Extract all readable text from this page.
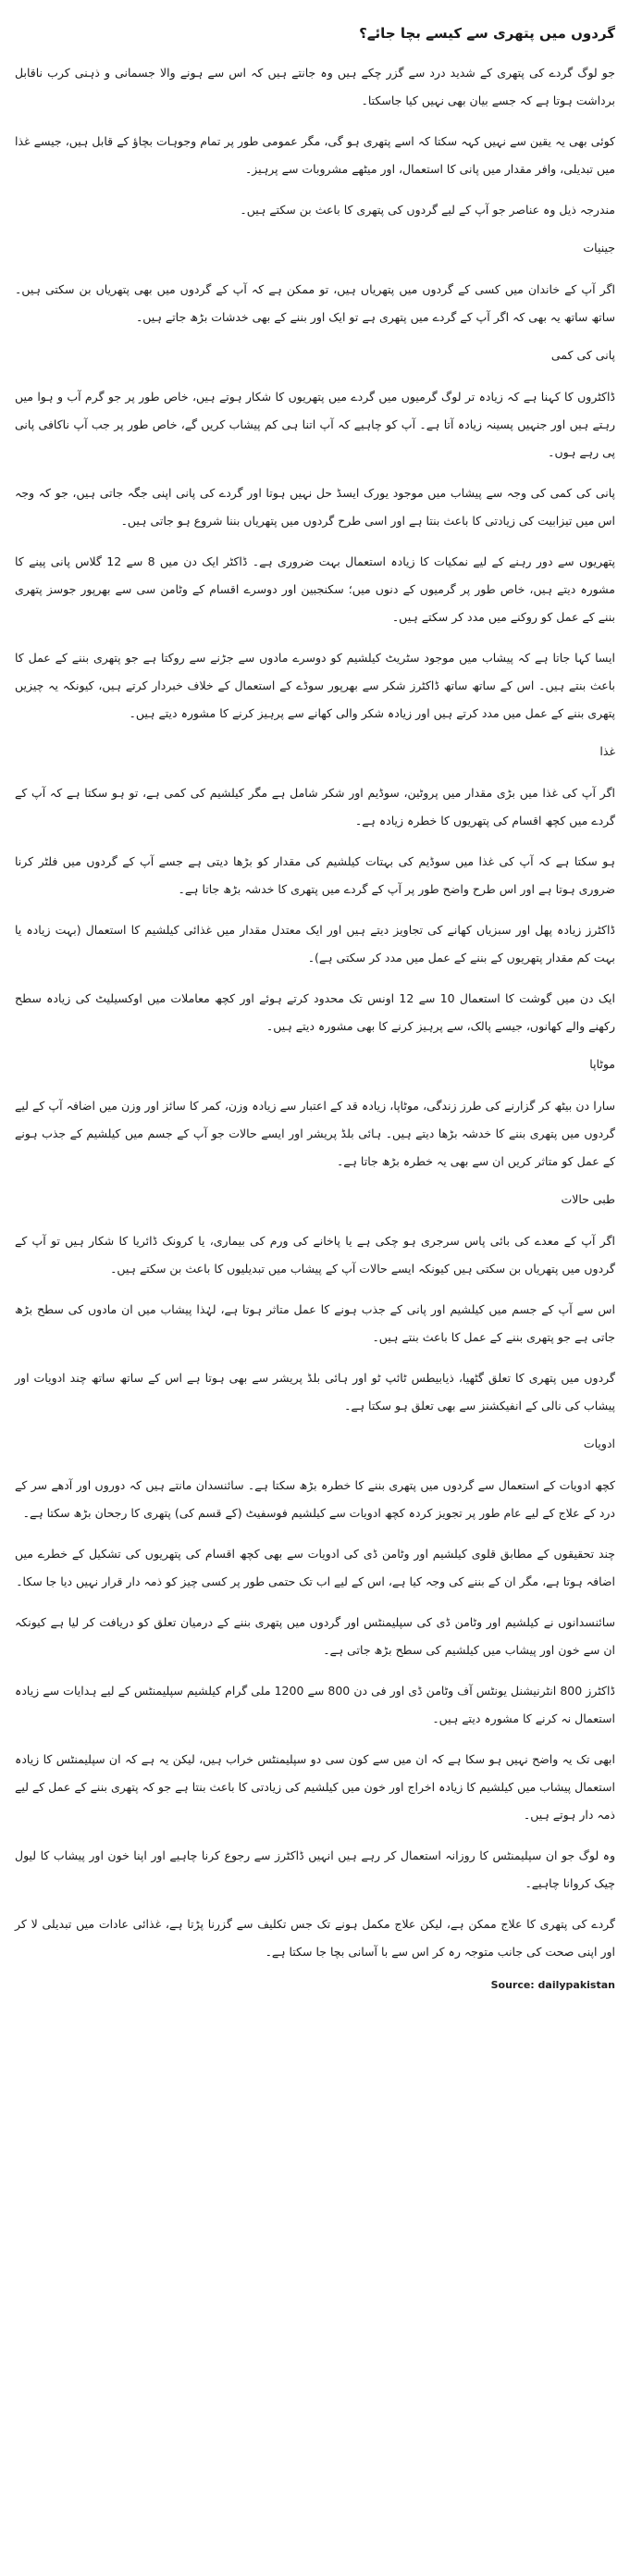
گردوں میں پتھری سے کیسے بچا جائے؟
جو لوگ گردے کی پتھری کے شدید درد سے گزر چکے ہیں وہ جانتے ہیں کہ اس سے ہونے والا جسمانی و ذہنی کرب ناقابل برداشت ہوتا ہے کہ جسے بیان بھی نہیں کیا جاسکتا۔
کوئی بھی یہ یقین سے نہیں کہہ سکتا کہ اسے پتھری ہو گی، مگر عمومی طور پر تمام وجوہات بچاؤ کے قابل ہیں، جیسے غذا میں تبدیلی، وافر مقدار میں پانی کا استعمال، اور میٹھے مشروبات سے پرہیز۔
مندرجہ ذیل وہ عناصر جو آپ کے لیے گردوں کی پتھری کا باعث بن سکتے ہیں۔
جینیات
اگر آپ کے خاندان میں کسی کے گردوں میں پتھریاں ہیں، تو ممکن ہے کہ آپ کے گردوں میں بھی پتھریاں بن سکتی ہیں۔ ساتھ ساتھ یہ بھی کہ اگر آپ کے گردے میں پتھری ہے تو ایک اور بننے کے بھی خدشات بڑھ جاتے ہیں۔
پانی کی کمی
ڈاکٹروں کا کہنا ہے کہ زیادہ تر لوگ گرمیوں میں گردے میں پتھریوں کا شکار ہوتے ہیں، خاص طور پر جو گرم آب و ہوا میں رہتے ہیں اور جنہیں پسینہ زیادہ آتا ہے۔ آپ کو چاہیے کہ آپ اتنا ہی کم پیشاب کریں گے، خاص طور پر جب آپ ناکافی پانی پی رہے ہوں۔
پانی کی کمی کی وجہ سے پیشاب میں موجود یورک ایسڈ حل نہیں ہوتا اور گردے کی پانی اپنی جگہ جاتی ہیں، جو کہ وجہ اس میں تیزابیت کی زیادتی کا باعث بنتا ہے اور اسی طرح گردوں میں پتھریاں بننا شروع ہو جاتی ہیں۔
پتھریوں سے دور رہنے کے لیے نمکیات کا زیادہ استعمال بہت ضروری ہے۔ ڈاکٹر ایک دن میں 8 سے 12 گلاس پانی پینے کا مشورہ دیتے ہیں، خاص طور پر گرمیوں کے دنوں میں؛ سکنجبین اور دوسرے اقسام کے وٹامن سی سے بھرپور جوسز پتھری بننے کے عمل کو روکنے میں مدد کر سکتے ہیں۔
ایسا کہا جاتا ہے کہ پیشاب میں موجود سٹریٹ کیلشیم کو دوسرے مادوں سے جڑنے سے روکتا ہے جو پتھری بننے کے عمل کا باعث بنتے ہیں۔ اس کے ساتھ ساتھ ڈاکٹرز شکر سے بھرپور سوڈے کے استعمال کے خلاف خبردار کرتے ہیں، کیونکہ یہ چیزیں پتھری بننے کے عمل میں مدد کرتے ہیں اور زیادہ شکر والی کھانے سے پرہیز کرنے کا مشورہ دیتے ہیں۔
غذا
اگر آپ کی غذا میں بڑی مقدار میں پروٹین، سوڈیم اور شکر شامل ہے مگر کیلشیم کی کمی ہے، تو ہو سکتا ہے کہ آپ کے گردے میں کچھ اقسام کی پتھریوں کا خطرہ زیادہ ہے۔
ہو سکتا ہے کہ آپ کی غذا میں سوڈیم کی بہتات کیلشیم کی مقدار کو بڑھا دیتی ہے جسے آپ کے گردوں میں فلٹر کرنا ضروری ہوتا ہے اور اس طرح واضح طور پر آپ کے گردے میں پتھری کا خدشہ بڑھ جاتا ہے۔
ڈاکٹرز زیادہ پھل اور سبزیاں کھانے کی تجاویز دیتے ہیں اور ایک معتدل مقدار میں غذائی کیلشیم کا استعمال (بہت زیادہ یا بہت کم مقدار پتھریوں کے بننے کے عمل میں مدد کر سکتی ہے)۔
ایک دن میں گوشت کا استعمال 10 سے 12 اونس تک محدود کرتے ہوئے اور کچھ معاملات میں اوکسیلیٹ کی زیادہ سطح رکھنے والے کھانوں، جیسے پالک، سے پرہیز کرنے کا بھی مشورہ دیتے ہیں۔
موٹاپا
سارا دن بیٹھ کر گزارنے کی طرز زندگی، موٹاپا، زیادہ قد کے اعتبار سے زیادہ وزن، کمر کا سائز اور وزن میں اضافہ آپ کے لیے گردوں میں پتھری بننے کا خدشہ بڑھا دیتے ہیں۔ ہائی بلڈ پریشر اور ایسے حالات جو آپ کے جسم میں کیلشیم کے جذب ہونے کے عمل کو متاثر کریں ان سے بھی یہ خطرہ بڑھ جاتا ہے۔
طبی حالات
اگر آپ کے معدے کی بائی پاس سرجری ہو چکی ہے یا پاخانے کی ورم کی بیماری، یا کرونک ڈائریا کا شکار ہیں تو آپ کے گردوں میں پتھریاں بن سکتی ہیں کیونکہ ایسے حالات آپ کے پیشاب میں تبدیلیوں کا باعث بن سکتے ہیں۔
اس سے آپ کے جسم میں کیلشیم اور پانی کے جذب ہونے کا عمل متاثر ہوتا ہے، لہٰذا پیشاب میں ان مادوں کی سطح بڑھ جاتی ہے جو پتھری بننے کے عمل کا باعث بنتے ہیں۔
گردوں میں پتھری کا تعلق گٹھیا، ذیابیطس ٹائپ ٹو اور ہائی بلڈ پریشر سے بھی ہوتا ہے اس کے ساتھ ساتھ چند ادویات اور پیشاب کی نالی کے انفیکشنز سے بھی تعلق ہو سکتا ہے۔
ادویات
کچھ ادویات کے استعمال سے گردوں میں پتھری بننے کا خطرہ بڑھ سکتا ہے۔ سائنسدان مانتے ہیں کہ دوروں اور آدھے سر کے درد کے علاج کے لیے عام طور پر تجویز کردہ کچھ ادویات سے کیلشیم فوسفیٹ (کے قسم کی) پتھری کا رجحان بڑھ سکتا ہے۔
چند تحقیقوں کے مطابق قلوی کیلشیم اور وٹامن ڈی کی ادویات سے بھی کچھ اقسام کی پتھریوں کی تشکیل کے خطرے میں اضافہ ہوتا ہے، مگر ان کے بننے کی وجہ کیا ہے، اس کے لیے اب تک حتمی طور پر کسی چیز کو ذمہ دار قرار نہیں دیا جا سکا۔
سائنسدانوں نے کیلشیم اور وٹامن ڈی کی سپلیمنٹس اور گردوں میں پتھری بننے کے درمیان تعلق کو دریافت کر لیا ہے کیونکہ ان سے خون اور پیشاب میں کیلشیم کی سطح بڑھ جاتی ہے۔
ڈاکٹرز 800 انٹرنیشنل یونٹس آف وٹامن ڈی اور فی دن 800 سے 1200 ملی گرام کیلشیم سپلیمنٹس کے لیے ہدایات سے زیادہ استعمال نہ کرنے کا مشورہ دیتے ہیں۔
ابھی تک یہ واضح نہیں ہو سکا ہے کہ ان میں سے کون سی دو سپلیمنٹس خراب ہیں، لیکن یہ ہے کہ ان سپلیمنٹس کا زیادہ استعمال پیشاب میں کیلشیم کا زیادہ اخراج اور خون میں کیلشیم کی زیادتی کا باعث بنتا ہے جو کہ پتھری بننے کے عمل کے لیے ذمہ دار ہوتے ہیں۔
وہ لوگ جو ان سپلیمنٹس کا روزانہ استعمال کر رہے ہیں انہیں ڈاکٹرز سے رجوع کرنا چاہیے اور اپنا خون اور پیشاب کا لیول چیک کروانا چاہیے۔
گردے کی پتھری کا علاج ممکن ہے، لیکن علاج مکمل ہونے تک جس تکلیف سے گزرنا پڑتا ہے، غذائی عادات میں تبدیلی لا کر اور اپنی صحت کی جانب متوجہ رہ کر اس سے با آسانی بچا جا سکتا ہے۔
Source: dailypakistan
